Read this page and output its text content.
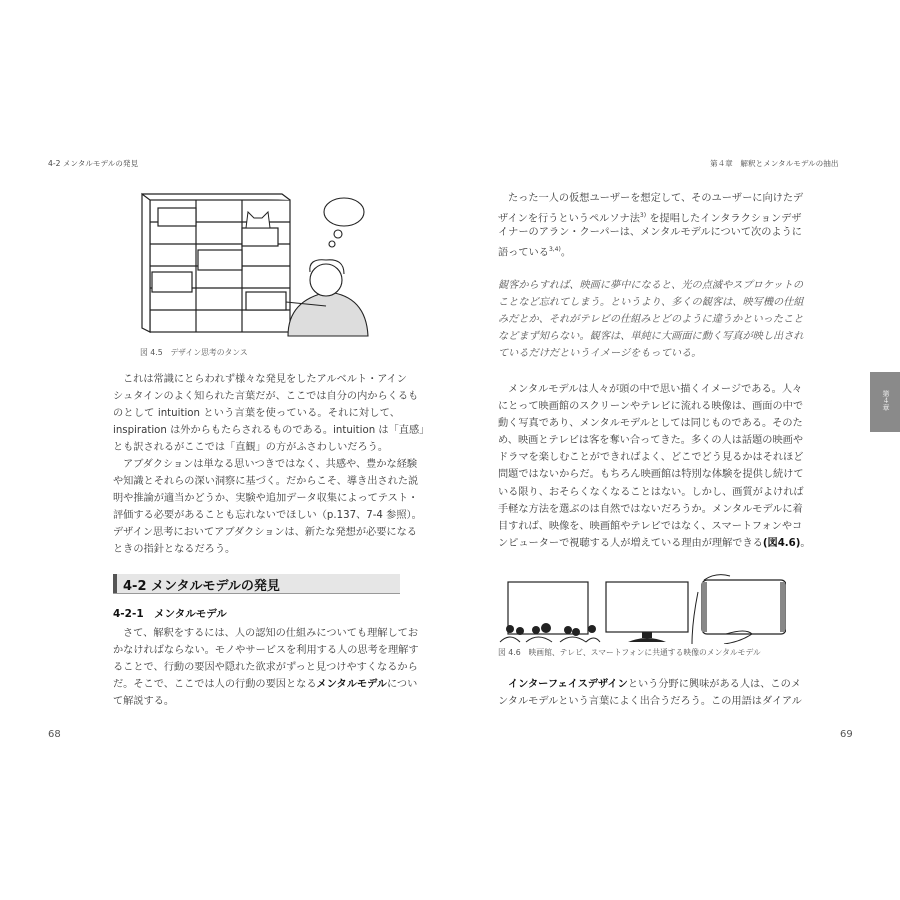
4-2 メンタルモデルの発見	第４章　解釈とメンタルモデルの抽出
第４章
図 4.5　デザイン思考のタンス
これは常識にとらわれず様々な発見をしたアルベルト・アイン
シュタインのよく知られた言葉だが、ここでは自分の内からくるも
のとして intuition という言葉を使っている。それに対して、
inspiration は外からもたらされるものである。intuition は「直感」
とも訳されるがここでは「直観」の方がふさわしいだろう。
アブダクションは単なる思いつきではなく、共感や、豊かな経験
や知識とそれらの深い洞察に基づく。だからこそ、導き出された説
明や推論が適当かどうか、実験や追加データ収集によってテスト・
評価する必要があることも忘れないでほしい（p.137、7-4 参照）。
デザイン思考においてアブダクションは、新たな発想が必要になる
ときの指針となるだろう。
4-2 メンタルモデルの発見
4-2-1　メンタルモデル
さて、解釈をするには、人の認知の仕組みについても理解してお
かなければならない。モノやサービスを利用する人の思考を理解す
ることで、行動の要因や隠れた欲求がずっと見つけやすくなるから
だ。そこで、ここでは人の行動の要因となるメンタルモデルについ
て解説する。
68
たった一人の仮想ユーザーを想定して、そのユーザーに向けたデ
ザインを行うというペルソナ法$^{3)}$ を提唱したインタラクションデザ
イナーのアラン・クーパーは、メンタルモデルについて次のように
語っている$^{3,4)}$。
観客からすれば、映画に夢中になると、光の点滅やスプロケットの
ことなど忘れてしまう。というより、多くの観客は、映写機の仕組
みだとか、それがテレビの仕組みとどのように違うかといったこと
などまず知らない。観客は、単純に大画面に動く写真が映し出され
ているだけだというイメージをもっている。
メンタルモデルは人々が頭の中で思い描くイメージである。人々
にとって映画館のスクリーンやテレビに流れる映像は、画面の中で
動く写真であり、メンタルモデルとしては同じものである。そのた
め、映画とテレビは客を奪い合ってきた。多くの人は話題の映画や
ドラマを楽しむことができればよく、どこでどう見るかはそれほど
問題ではないからだ。もちろん映画館は特別な体験を提供し続けて
いる限り、おそらくなくなることはない。しかし、画質がよければ
手軽な方法を選ぶのは自然ではないだろうか。メンタルモデルに着
目すれば、映像を、映画館やテレビではなく、スマートフォンやコ
ンピューターで視聴する人が増えている理由が理解できる(図4.6)。
図 4.6　映画館、テレビ、スマートフォンに共通する映像のメンタルモデル
インターフェイスデザインという分野に興味がある人は、このメ
ンタルモデルという言葉によく出合うだろう。この用語はダイアル
69
